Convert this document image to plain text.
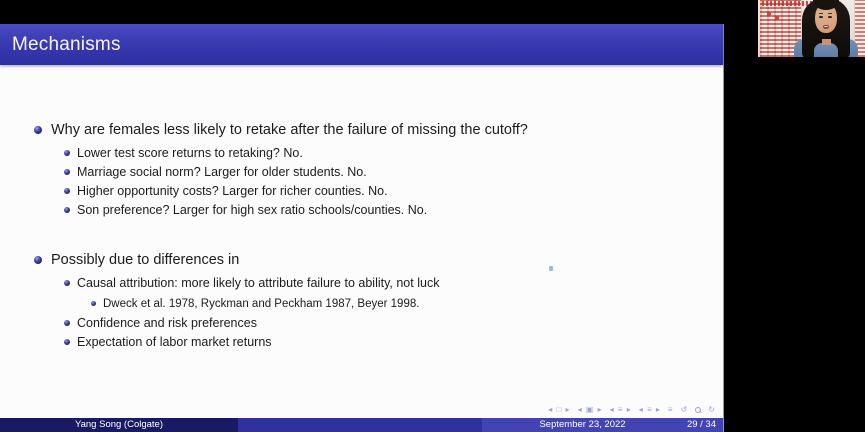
Mechanisms
Why are females less likely to retake after the failure of missing the cutoff?
Lower test score returns to retaking? No.
Marriage social norm? Larger for older students. No.
Higher opportunity costs? Larger for richer counties. No.
Son preference? Larger for high sex ratio schools/counties. No.
Possibly due to differences in
Causal attribution: more likely to attribute failure to ability, not luck
Dweck et al. 1978, Ryckman and Peckham 1987, Beyer 1998.
Confidence and risk preferences
Expectation of labor market returns
◂ □ ▸ ◂ ▣ ▸ ◂ ≡ ▸ ◂ ≡ ▸ ≡ ↺	↻
Yang Song (Colgate)	September 23, 2022	29 / 34
